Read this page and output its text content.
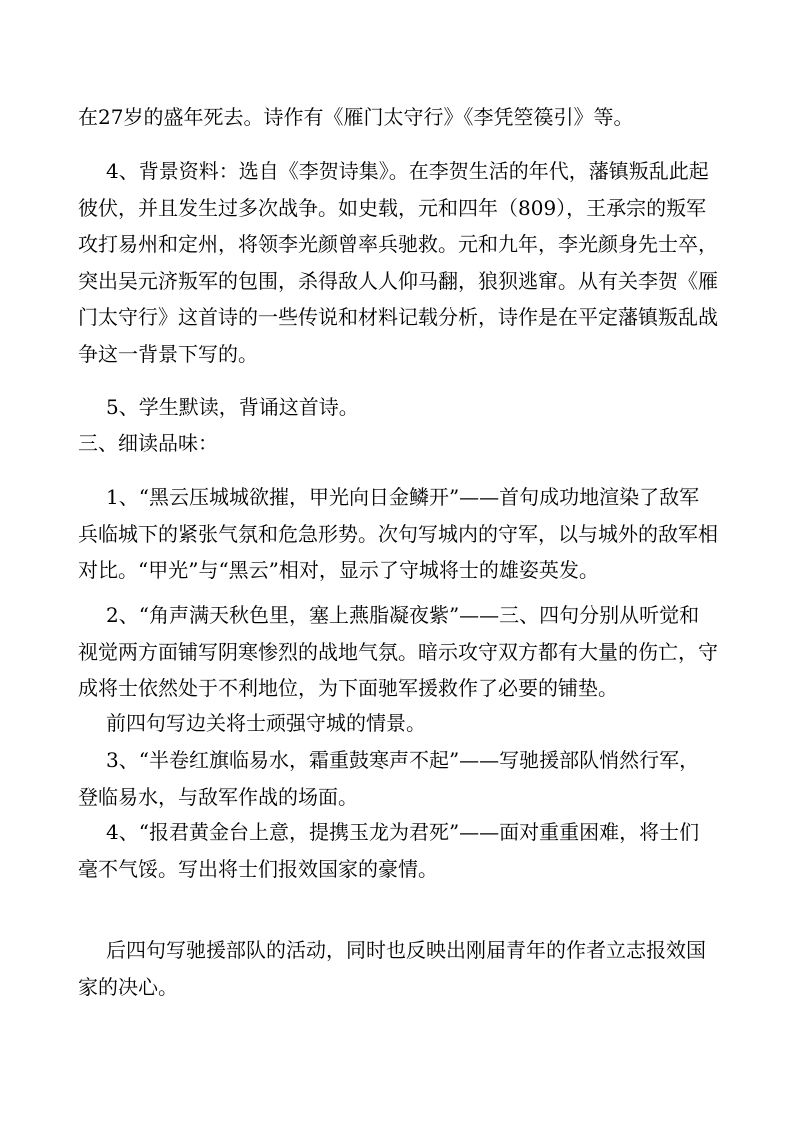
在27岁的盛年死去。诗作有《雁门太守行》《李凭箜篌引》等。

4、背景资料：选自《李贺诗集》。在李贺生活的年代，藩镇叛乱此起彼伏，并且发生过多次战争。如史载，元和四年（809），王承宗的叛军攻打易州和定州，将领李光颜曾率兵驰救。元和九年，李光颜身先士卒，突出吴元济叛军的包围，杀得敌人人仰马翻，狼狈逃窜。从有关李贺《雁门太守行》这首诗的一些传说和材料记载分析，诗作是在平定藩镇叛乱战争这一背景下写的。

5、学生默读，背诵这首诗。

三、细读品味：

1、“黑云压城城欲摧，甲光向日金鳞开”——首句成功地渲染了敌军兵临城下的紧张气氛和危急形势。次句写城内的守军，以与城外的敌军相对比。“甲光”与“黑云”相对，显示了守城将士的雄姿英发。

2、“角声满天秋色里，塞上燕脂凝夜紫”——三、四句分别从听觉和视觉两方面铺写阴寒惨烈的战地气氛。暗示攻守双方都有大量的伤亡，守成将士依然处于不利地位，为下面驰军援救作了必要的铺垫。

前四句写边关将士顽强守城的情景。

3、“半卷红旗临易水，霜重鼓寒声不起”——写驰援部队悄然行军，登临易水，与敌军作战的场面。

4、“报君黄金台上意，提携玉龙为君死”——面对重重困难，将士们毫不气馁。写出将士们报效国家的豪情。

后四句写驰援部队的活动，同时也反映出刚届青年的作者立志报效国家的决心。
